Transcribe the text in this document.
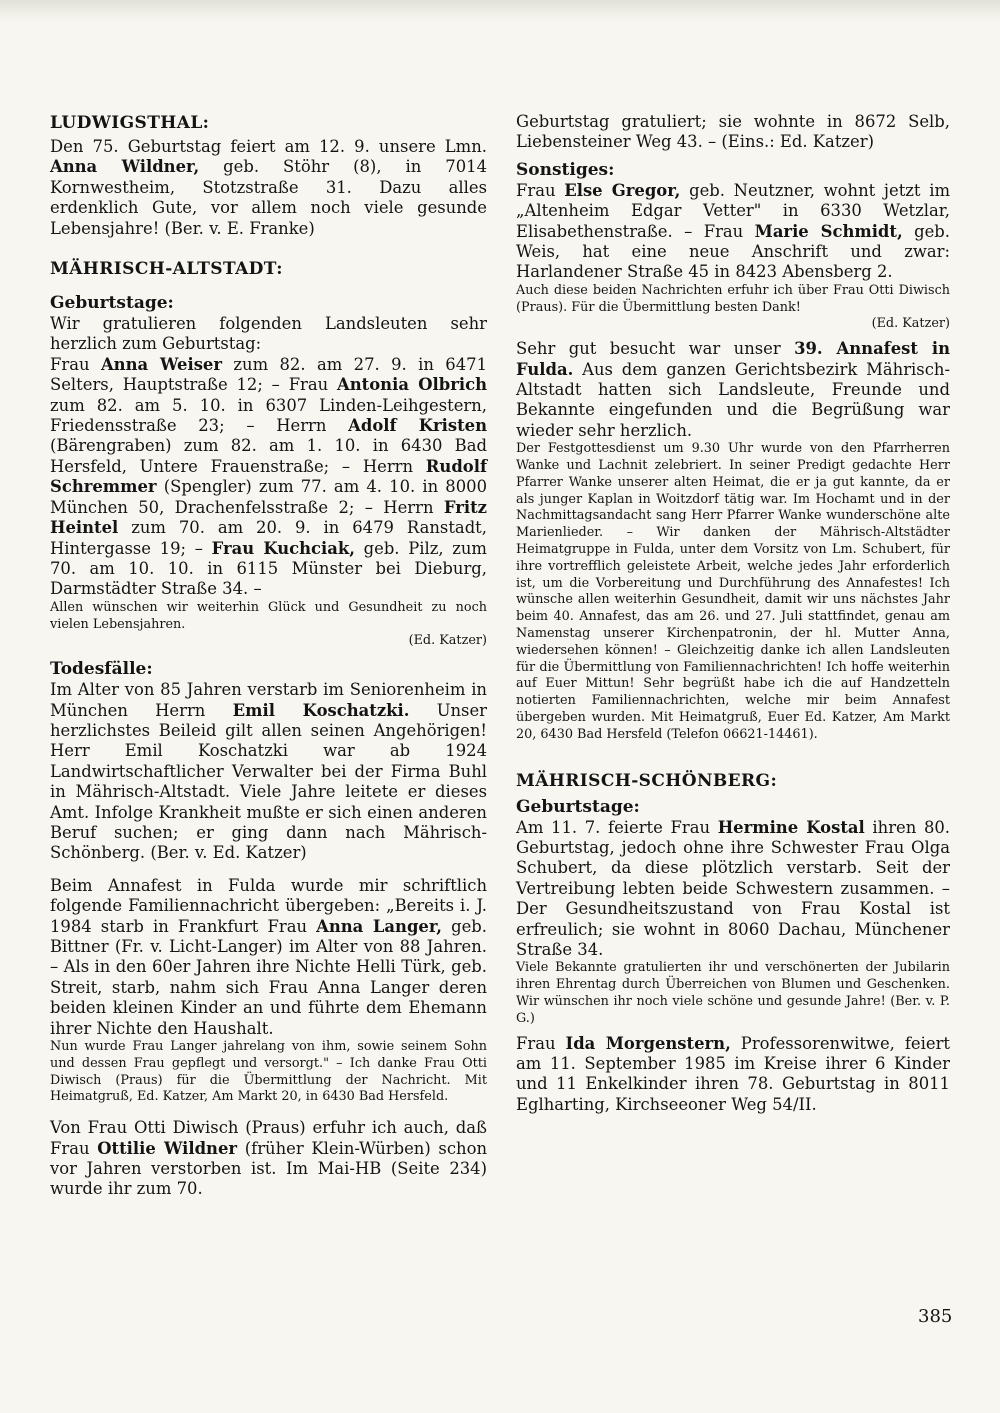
LUDWIGSTHAL:

Den 75. Geburtstag feiert am 12. 9. unsere Lmn. Anna Wildner, geb. Stöhr (8), in 7014 Kornwestheim, Stotzstraße 31. Dazu alles erdenklich Gute, vor allem noch viele gesunde Lebensjahre! (Ber. v. E. Franke)

MÄHRISCH-ALTSTADT:
Geburtstage:

Wir gratulieren folgenden Landsleuten sehr herzlich zum Geburtstag:

Frau Anna Weiser zum 82. am 27. 9. in 6471 Selters, Hauptstraße 12; – Frau Antonia Olbrich zum 82. am 5. 10. in 6307 Linden-Leihgestern, Friedensstraße 23; – Herrn Adolf Kristen (Bärengraben) zum 82. am 1. 10. in 6430 Bad Hersfeld, Untere Frauenstraße; – Herrn Rudolf Schremmer (Spengler) zum 77. am 4. 10. in 8000 München 50, Drachenfelsstraße 2; – Herrn Fritz Heintel zum 70. am 20. 9. in 6479 Ranstadt, Hintergasse 19; – Frau Kuchciak, geb. Pilz, zum 70. am 10. 10. in 6115 Münster bei Dieburg, Darmstädter Straße 34. –

Allen wünschen wir weiterhin Glück und Gesundheit zu noch vielen Lebensjahren.

(Ed. Katzer)
Todesfälle:

Im Alter von 85 Jahren verstarb im Seniorenheim in München Herrn Emil Koschatzki. Unser herzlichstes Beileid gilt allen seinen Angehörigen! Herr Emil Koschatzki war ab 1924 Landwirtschaftlicher Verwalter bei der Firma Buhl in Mährisch-Altstadt. Viele Jahre leitete er dieses Amt. Infolge Krankheit mußte er sich einen anderen Beruf suchen; er ging dann nach Mährisch-Schönberg. (Ber. v. Ed. Katzer)

Beim Annafest in Fulda wurde mir schriftlich folgende Familiennachricht übergeben: „Bereits i. J. 1984 starb in Frankfurt Frau Anna Langer, geb. Bittner (Fr. v. Licht-Langer) im Alter von 88 Jahren. – Als in den 60er Jahren ihre Nichte Helli Türk, geb. Streit, starb, nahm sich Frau Anna Langer deren beiden kleinen Kinder an und führte dem Ehemann ihrer Nichte den Haushalt.

Nun wurde Frau Langer jahrelang von ihm, sowie seinem Sohn und dessen Frau gepflegt und versorgt." – Ich danke Frau Otti Diwisch (Praus) für die Übermittlung der Nachricht. Mit Heimatgruß, Ed. Katzer, Am Markt 20, in 6430 Bad Hersfeld.

Von Frau Otti Diwisch (Praus) erfuhr ich auch, daß Frau Ottilie Wildner (früher Klein-Würben) schon vor Jahren verstorben ist. Im Mai-HB (Seite 234) wurde ihr zum 70.

Geburtstag gratuliert; sie wohnte in 8672 Selb, Liebensteiner Weg 43. – (Eins.: Ed. Katzer)

Sonstiges:

Frau Else Gregor, geb. Neutzner, wohnt jetzt im „Altenheim Edgar Vetter" in 6330 Wetzlar, Elisabethenstraße. – Frau Marie Schmidt, geb. Weis, hat eine neue Anschrift und zwar: Harlandener Straße 45 in 8423 Abensberg 2.

Auch diese beiden Nachrichten erfuhr ich über Frau Otti Diwisch (Praus). Für die Übermittlung besten Dank!

(Ed. Katzer)

Sehr gut besucht war unser 39. Annafest in Fulda. Aus dem ganzen Gerichtsbezirk Mährisch-Altstadt hatten sich Landsleute, Freunde und Bekannte eingefunden und die Begrüßung war wieder sehr herzlich.

Der Festgottesdienst um 9.30 Uhr wurde von den Pfarrherren Wanke und Lachnit zelebriert. In seiner Predigt gedachte Herr Pfarrer Wanke unserer alten Heimat, die er ja gut kannte, da er als junger Kaplan in Woitzdorf tätig war. Im Hochamt und in der Nachmittagsandacht sang Herr Pfarrer Wanke wunderschöne alte Marienlieder. – Wir danken der Mährisch-Altstädter Heimatgruppe in Fulda, unter dem Vorsitz von Lm. Schubert, für ihre vortrefflich geleistete Arbeit, welche jedes Jahr erforderlich ist, um die Vorbereitung und Durchführung des Annafestes! Ich wünsche allen weiterhin Gesundheit, damit wir uns nächstes Jahr beim 40. Annafest, das am 26. und 27. Juli stattfindet, genau am Namenstag unserer Kirchenpatronin, der hl. Mutter Anna, wiedersehen können! – Gleichzeitig danke ich allen Landsleuten für die Übermittlung von Familiennachrichten! Ich hoffe weiterhin auf Euer Mittun! Sehr begrüßt habe ich die auf Handzetteln notierten Familiennachrichten, welche mir beim Annafest übergeben wurden. Mit Heimatgruß, Euer Ed. Katzer, Am Markt 20, 6430 Bad Hersfeld (Telefon 06621-14461).

MÄHRISCH-SCHÖNBERG:
Geburtstage:

Am 11. 7. feierte Frau Hermine Kostal ihren 80. Geburtstag, jedoch ohne ihre Schwester Frau Olga Schubert, da diese plötzlich verstarb. Seit der Vertreibung lebten beide Schwestern zusammen. – Der Gesundheitszustand von Frau Kostal ist erfreulich; sie wohnt in 8060 Dachau, Münchener Straße 34.

Viele Bekannte gratulierten ihr und verschönerten der Jubilarin ihren Ehrentag durch Überreichen von Blumen und Geschenken. Wir wünschen ihr noch viele schöne und gesunde Jahre! (Ber. v. P. G.)

Frau Ida Morgenstern, Professorenwitwe, feiert am 11. September 1985 im Kreise ihrer 6 Kinder und 11 Enkelkinder ihren 78. Geburtstag in 8011 Eglharting, Kirchseeoner Weg 54/II.

385
